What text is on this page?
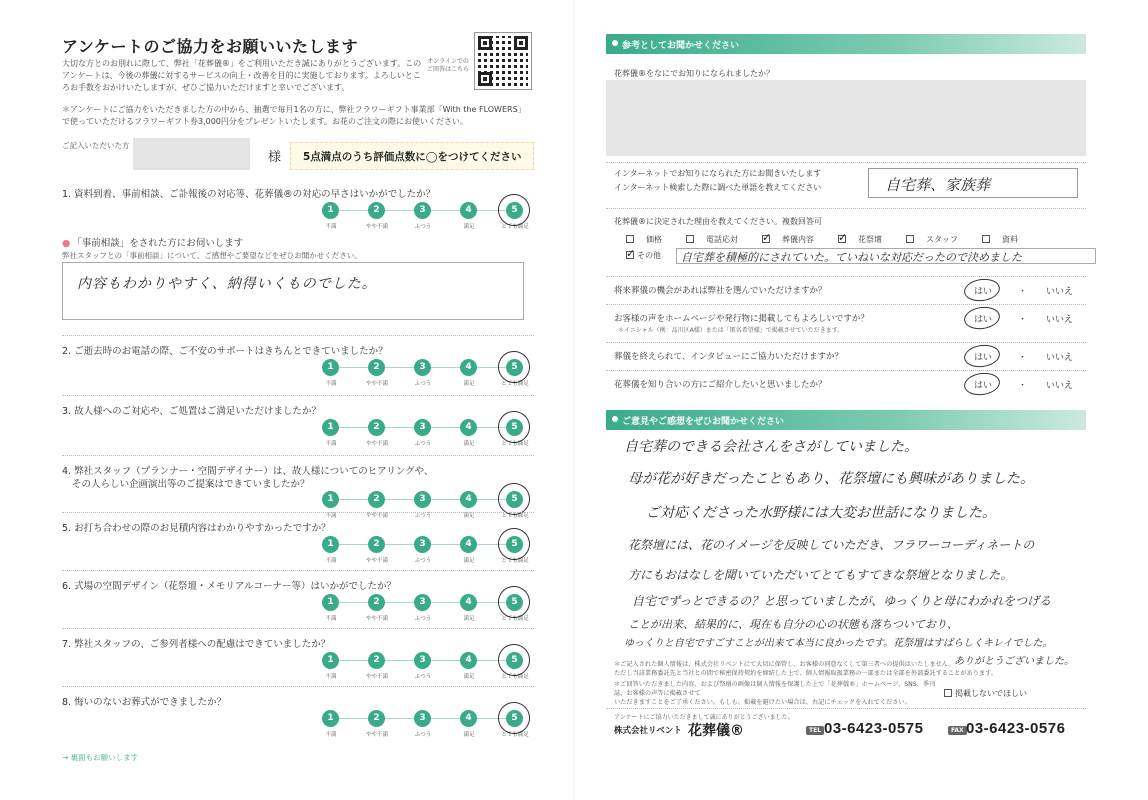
アンケートのご協力をお願いいたします
大切な方とのお別れに際して、弊社「花葬儀®」をご利用いただき誠にありがとうございます。このアンケートは、今後の葬儀に対するサービスの向上・改善を目的に実施しております。よろしいところお手数をおかけいたしますが、ぜひご協力いただけますと幸いでございます。
オンラインでのご回答はこちら
＊アンケートにご協力をいただきました方の中から、抽選で毎月1名の方に、弊社フラワーギフト事業部「With the FLOWERS」で使っていただけるフラワーギフト券3,000円分をプレゼントいたします。お花のご注文の際にお使いください。
ご記入いただいた方
様	5点満点のうち評価点数に◯をつけてください
1. 資料到着、事前相談、ご訃報後の対応等、花葬儀®の対応の早さはいかがでしたか？
1
不満
2
やや不満
3
ふつう
4
満足
5
とても満足
2. ご逝去時のお電話の際、ご不安のサポートはきちんとできていましたか？
1
不満
2
やや不満
3
ふつう
4
満足
5
とても満足
3. 故人様へのご対応や、ご処置はご満足いただけましたか？
1
不満
2
やや不満
3
ふつう
4
満足
5
とても満足
4. 弊社スタッフ（プランナー・空間デザイナー）は、故人様についてのヒアリングや、
その人らしい企画演出等のご提案はできていましたか？
1
不満
2
やや不満
3
ふつう
4
満足
5
とても満足
5. お打ち合わせの際のお見積内容はわかりやすかったですか？
1
不満
2
やや不満
3
ふつう
4
満足
5
とても満足
6. 式場の空間デザイン（花祭壇・メモリアルコーナー等）はいかがでしたか？
1
不満
2
やや不満
3
ふつう
4
満足
5
とても満足
7. 弊社スタッフの、ご参列者様への配慮はできていましたか？
1
不満
2
やや不満
3
ふつう
4
満足
5
とても満足
8. 悔いのないお葬式ができましたか？
1
不満
2
やや不満
3
ふつう
4
満足
5
とても満足
● 「事前相談」をされた方にお伺いします
弊社スタッフとの「事前相談」について、ご感想やご要望などをぜひお聞かせください。
内容もわかりやすく、納得いくものでした。
→ 裏面もお願いします
参考としてお聞かせください
花葬儀®をなにでお知りになられましたか？
インターネットでお知りになられた方にお聞きいたします
インターネット検索した際に調べた単語を教えてください	自宅葬、家族葬
花葬儀®に決定された理由を教えてください。複数回答可
価格	電話応対 ✓	葬儀内容 ✓	花祭壇	スタッフ	資料
✓その他 自宅葬を積極的にされていた。ていねいな対応だったので決めました
将来葬儀の機会があれば弊社を選んでいただけますか？	はい	・ いいえ
お客様の声をホームページや発行物に掲載してもよろしいですか？
＊イニシャル（例：品川区A様）または「匿名希望様」で掲載させていただきます。
はい	・ いいえ
葬儀を終えられて、インタビューにご協力いただけますか？	はい	・ いいえ
花葬儀を知り合いの方にご紹介したいと思いましたか？	はい	・ いいえ
ご意見やご感想をぜひお聞かせください
自宅葬のできる会社さんをさがしていました。
母が花が好きだったこともあり、花祭壇にも興味がありました。
ご対応くださった水野様には大変お世話になりました。
花祭壇には、花のイメージを反映していただき、フラワーコーディネートの
方にもおはなしを聞いていただいてとてもすてきな祭壇となりました。
自宅でずっとできるの？と思っていましたが、ゆっくりと母にわかれをつげる
ことが出来、結果的に、現在も自分の心の状態も落ちついており、
ゆっくりと自宅ですごすことが出来て本当に良かったです。花祭壇はすばらしくキレイでした。
ありがとうございました。
＊ご記入された個人情報は、株式会社リベントにて大切に保管し、お客様の同意なくして第三者への提供はいたしません。
ただし当該業務委託先と当社との間で秘密保持契約を締結した上で、個人情報取扱業務の一部または全部を外部委託することがあります。
＊ご回答いただきました内容、および祭壇の画像は個人情報を保護した上で「花葬儀®」ホームページ、SNS、季刊誌、お客様の声等に掲載させて
いただきますことをご了承ください。もしも、掲載を避けたい場合は、右記にチェックを入れてください。
掲載しないでほしい
アンケートにご協力いただきまして誠にありがとうございました。
株式会社リベント 花葬儀®	TEL 03-6423-0575	FAX 03-6423-0576
